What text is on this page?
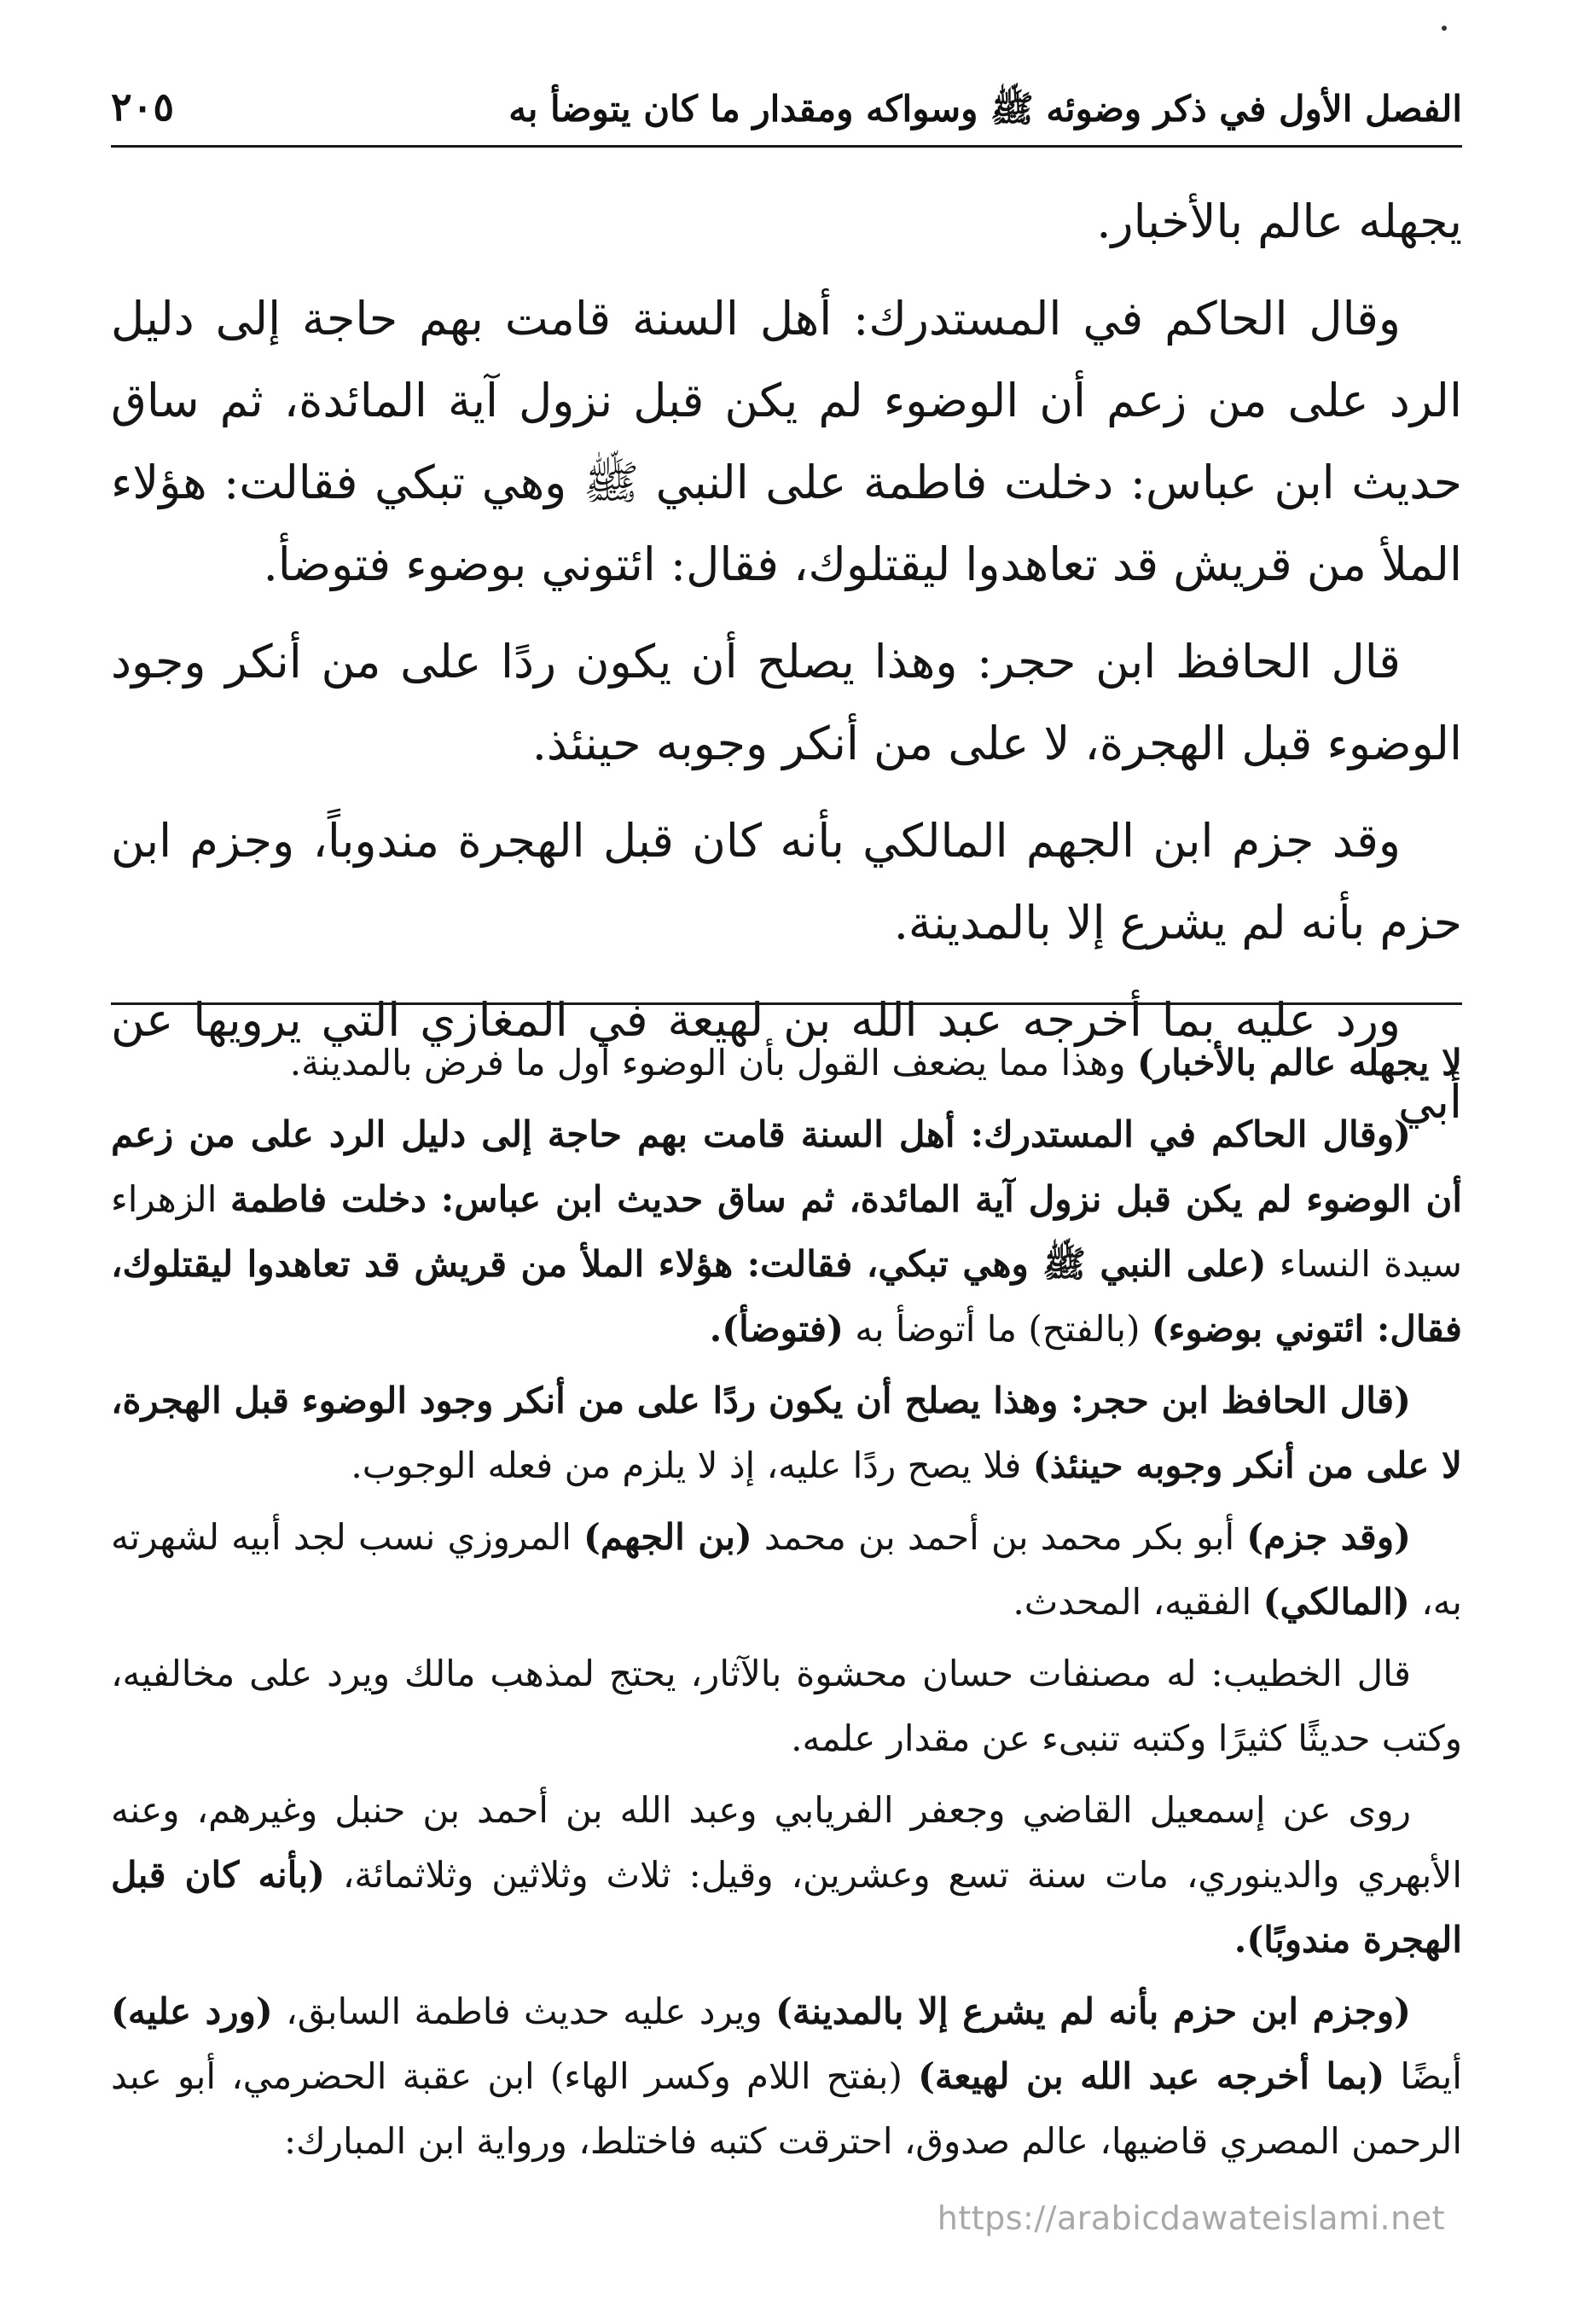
الفصل الأول في ذكر وضوئه ﷺ وسواكه ومقدار ما كان يتوضأ به
٢٠٥

يجهله عالم بالأخبار.

وقال الحاكم في المستدرك: أهل السنة قامت بهم حاجة إلى دليل الرد على من زعم أن الوضوء لم يكن قبل نزول آية المائدة، ثم ساق حديث ابن عباس: دخلت فاطمة على النبي ﷺ وهي تبكي فقالت: هؤلاء الملأ من قريش قد تعاهدوا ليقتلوك، فقال: ائتوني بوضوء فتوضأ.

قال الحافظ ابن حجر: وهذا يصلح أن يكون ردًا على من أنكر وجود الوضوء قبل الهجرة، لا على من أنكر وجوبه حينئذ.

وقد جزم ابن الجهم المالكي بأنه كان قبل الهجرة مندوباً، وجزم ابن حزم بأنه لم يشرع إلا بالمدينة.

ورد عليه بما أخرجه عبد الله بن لهيعة في المغازي التي يرويها عن أبي

لا يجهله عالم بالأخبار) وهذا مما يضعف القول بأن الوضوء أول ما فرض بالمدينة.

(وقال الحاكم في المستدرك: أهل السنة قامت بهم حاجة إلى دليل الرد على من زعم أن الوضوء لم يكن قبل نزول آية المائدة، ثم ساق حديث ابن عباس: دخلت فاطمة الزهراء سيدة النساء (على النبي ﷺ وهي تبكي، فقالت: هؤلاء الملأ من قريش قد تعاهدوا ليقتلوك، فقال: ائتوني بوضوء) (بالفتح) ما أتوضأ به (فتوضأ).

(قال الحافظ ابن حجر: وهذا يصلح أن يكون ردًا على من أنكر وجود الوضوء قبل الهجرة، لا على من أنكر وجوبه حينئذ) فلا يصح ردًا عليه، إذ لا يلزم من فعله الوجوب.

(وقد جزم) أبو بكر محمد بن أحمد بن محمد (بن الجهم) المروزي نسب لجد أبيه لشهرته به، (المالكي) الفقيه، المحدث.

قال الخطيب: له مصنفات حسان محشوة بالآثار، يحتج لمذهب مالك ويرد على مخالفيه، وكتب حديثًا كثيرًا وكتبه تنبىء عن مقدار علمه.

روى عن إسمعيل القاضي وجعفر الفريابي وعبد الله بن أحمد بن حنبل وغيرهم، وعنه الأبهري والدينوري، مات سنة تسع وعشرين، وقيل: ثلاث وثلاثين وثلاثمائة، (بأنه كان قبل الهجرة مندوبًا).

(وجزم ابن حزم بأنه لم يشرع إلا بالمدينة) ويرد عليه حديث فاطمة السابق، (ورد عليه) أيضًا (بما أخرجه عبد الله بن لهيعة) (بفتح اللام وكسر الهاء) ابن عقبة الحضرمي، أبو عبد الرحمن المصري قاضيها، عالم صدوق، احترقت كتبه فاختلط، ورواية ابن المبارك:

https://arabicdawateislami.net
